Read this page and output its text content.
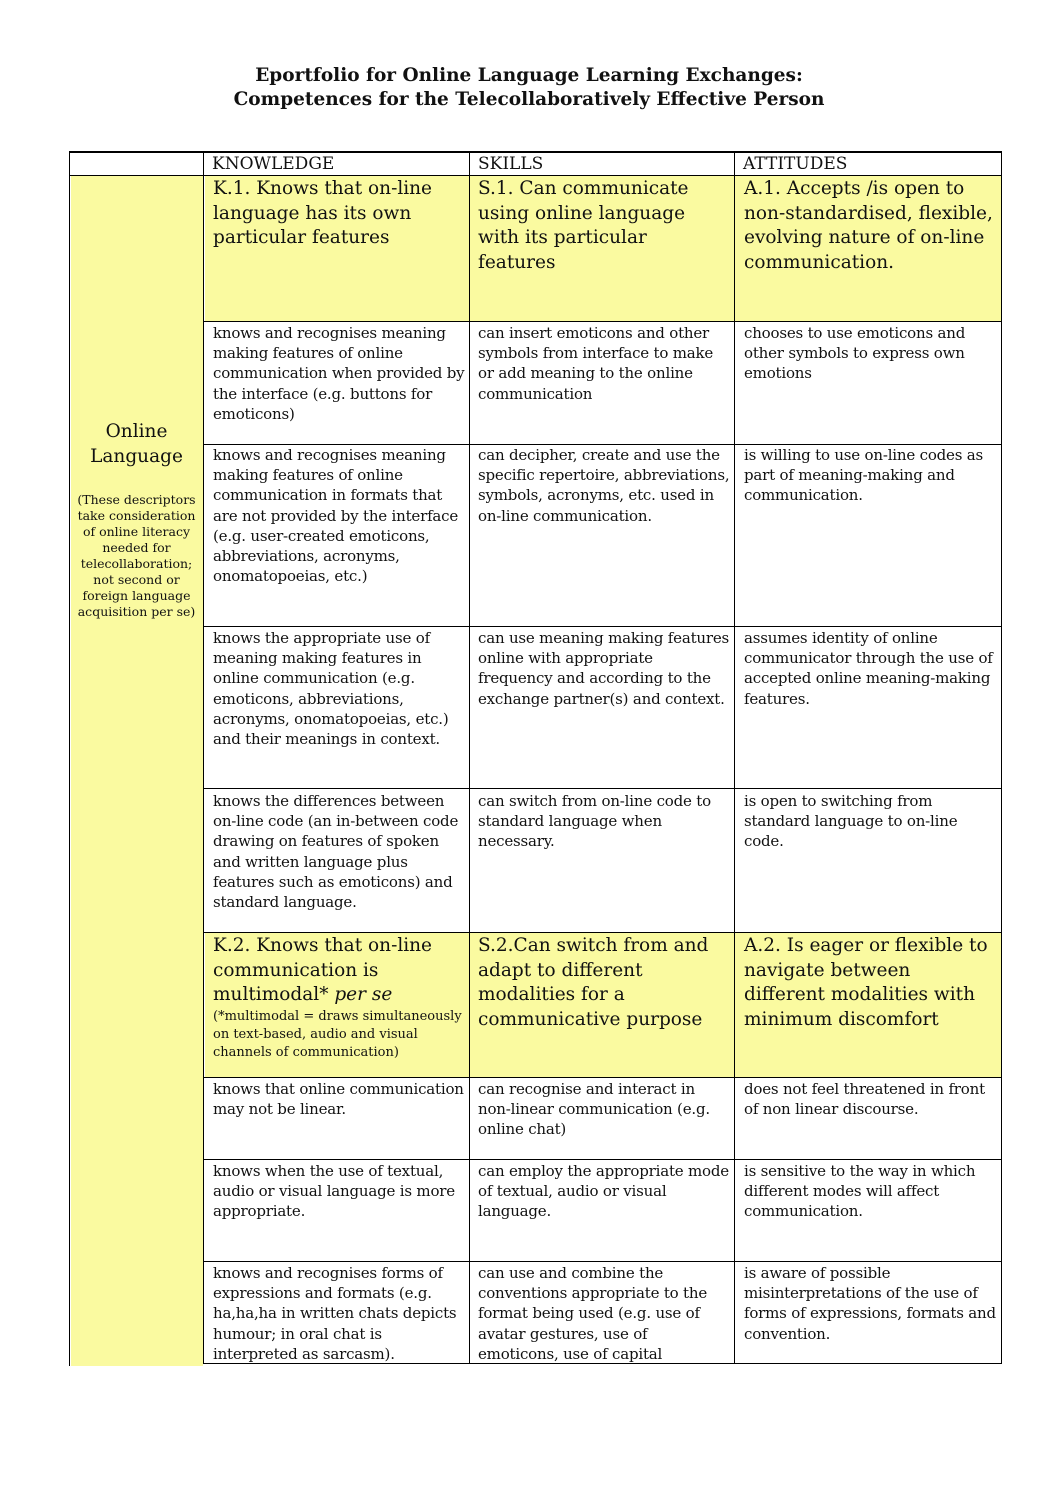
Eportfolio for Online Language Learning Exchanges:
Competences for the Telecollaboratively Effective Person
KNOWLEDGE	SKILLS	ATTITUDES
Online
Language
(These descriptors take consideration of online literacy needed for telecollaboration; not second or foreign language acquisition per se)
K.1. Knows that on-line language has its own particular features
S.1. Can communicate using online language with its particular features
A.1. Accepts /is open to non-standardised, flexible, evolving nature of on-line communication.
knows and recognises meaning making features of online communication when provided by the interface (e.g. buttons for emoticons)
can insert emoticons and other symbols from interface to make or add meaning to the online communication
chooses to use emoticons and other symbols to express own emotions
knows and recognises meaning making features of online communication in formats that are not provided by the interface (e.g. user-created emoticons, abbreviations, acronyms, onomatopoeias, etc.)
can decipher, create and use the specific repertoire, abbreviations, symbols, acronyms, etc. used in on-line communication.
is willing to use on-line codes as part of meaning-making and communication.
knows the appropriate use of meaning making features in online communication (e.g. emoticons, abbreviations, acronyms, onomatopoeias, etc.) and their meanings in context.
can use meaning making features online with appropriate frequency and according to the exchange partner(s) and context.
assumes identity of online communicator through the use of accepted online meaning-making features.
knows the differences between on-line code (an in-between code drawing on features of spoken and written language plus features such as emoticons) and standard language.
can switch from on-line code to standard language when necessary.
is open to switching from standard language to on-line code.
K.2. Knows that on-line communication is multimodal* per se
(*multimodal = draws simultaneously on text-based, audio and visual channels of communication)
S.2.Can switch from and adapt to different modalities for a communicative purpose
A.2. Is eager or flexible to navigate between different modalities with minimum discomfort
knows that online communication may not be linear.
can recognise and interact in non-linear communication (e.g. online chat)
does not feel threatened in front of non linear discourse.
knows when the use of textual, audio or visual language is more appropriate.
can employ the appropriate mode of textual, audio or visual language.
is sensitive to the way in which different modes will affect communication.
knows and recognises forms of expressions and formats (e.g. ha,ha,ha in written chats depicts humour; in oral chat is interpreted as sarcasm).
can use and combine the conventions appropriate to the format being used (e.g. use of avatar gestures, use of emoticons, use of capital
is aware of possible misinterpretations of the use of forms of expressions, formats and convention.
